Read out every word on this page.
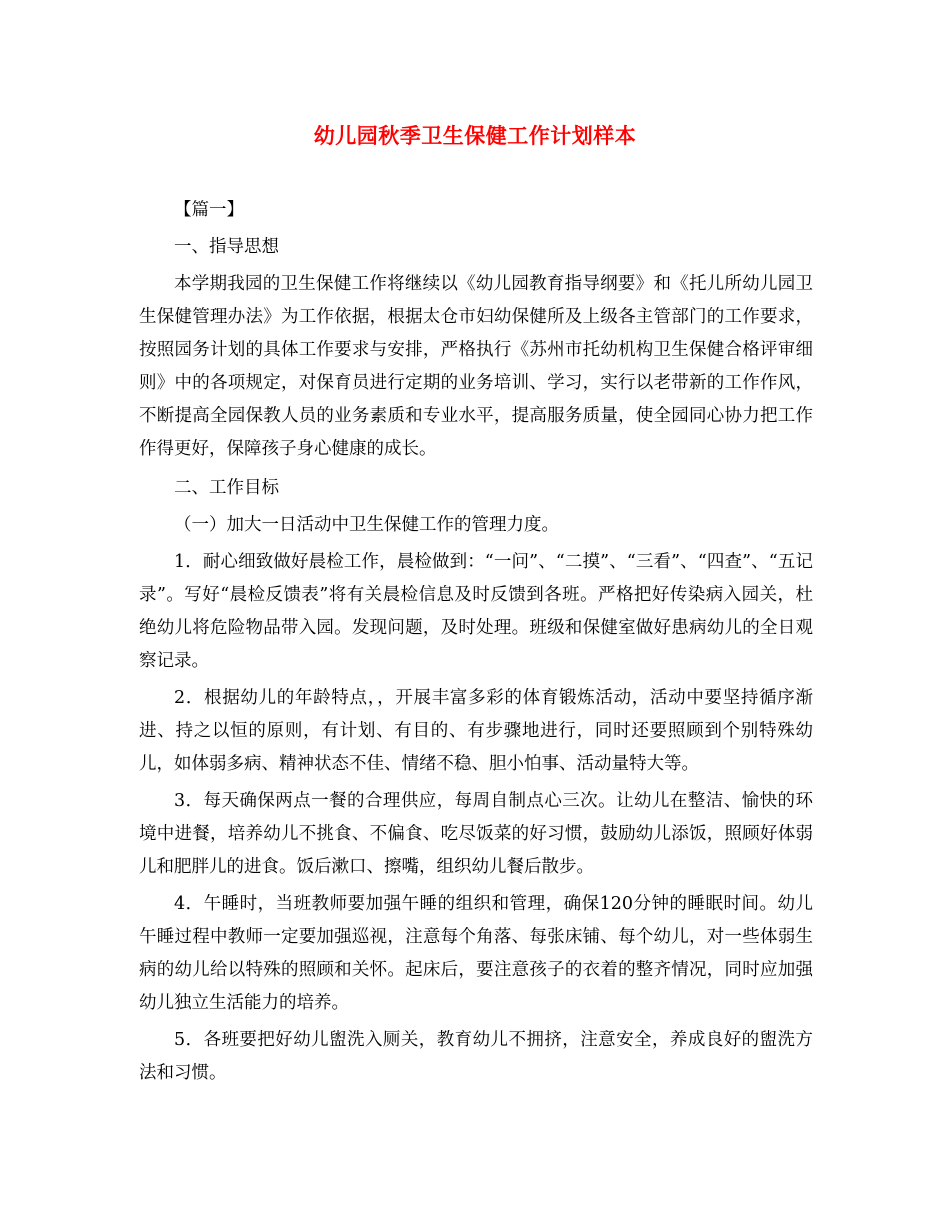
幼儿园秋季卫生保健工作计划样本

【篇一】

一、指导思想

本学期我园的卫生保健工作将继续以《幼儿园教育指导纲要》和《托儿所幼儿园卫生保健管理办法》为工作依据，根据太仓市妇幼保健所及上级各主管部门的工作要求，按照园务计划的具体工作要求与安排，严格执行《苏州市托幼机构卫生保健合格评审细则》中的各项规定，对保育员进行定期的业务培训、学习，实行以老带新的工作作风，不断提高全园保教人员的业务素质和专业水平，提高服务质量，使全园同心协力把工作作得更好，保障孩子身心健康的成长。

二、工作目标

（一）加大一日活动中卫生保健工作的管理力度。

1．耐心细致做好晨检工作，晨检做到：“一问”、“二摸”、“三看”、“四查”、“五记录”。写好“晨检反馈表”将有关晨检信息及时反馈到各班。严格把好传染病入园关，杜绝幼儿将危险物品带入园。发现问题，及时处理。班级和保健室做好患病幼儿的全日观察记录。

2．根据幼儿的年龄特点，，开展丰富多彩的体育锻炼活动，活动中要坚持循序渐进、持之以恒的原则，有计划、有目的、有步骤地进行，同时还要照顾到个别特殊幼儿，如体弱多病、精神状态不佳、情绪不稳、胆小怕事、活动量特大等。

3．每天确保两点一餐的合理供应，每周自制点心三次。让幼儿在整洁、愉快的环境中进餐，培养幼儿不挑食、不偏食、吃尽饭菜的好习惯，鼓励幼儿添饭，照顾好体弱儿和肥胖儿的进食。饭后漱口、擦嘴，组织幼儿餐后散步。

4．午睡时，当班教师要加强午睡的组织和管理，确保120分钟的睡眠时间。幼儿午睡过程中教师一定要加强巡视，注意每个角落、每张床铺、每个幼儿，对一些体弱生病的幼儿给以特殊的照顾和关怀。起床后，要注意孩子的衣着的整齐情况，同时应加强幼儿独立生活能力的培养。

5．各班要把好幼儿盥洗入厕关，教育幼儿不拥挤，注意安全，养成良好的盥洗方法和习惯。
